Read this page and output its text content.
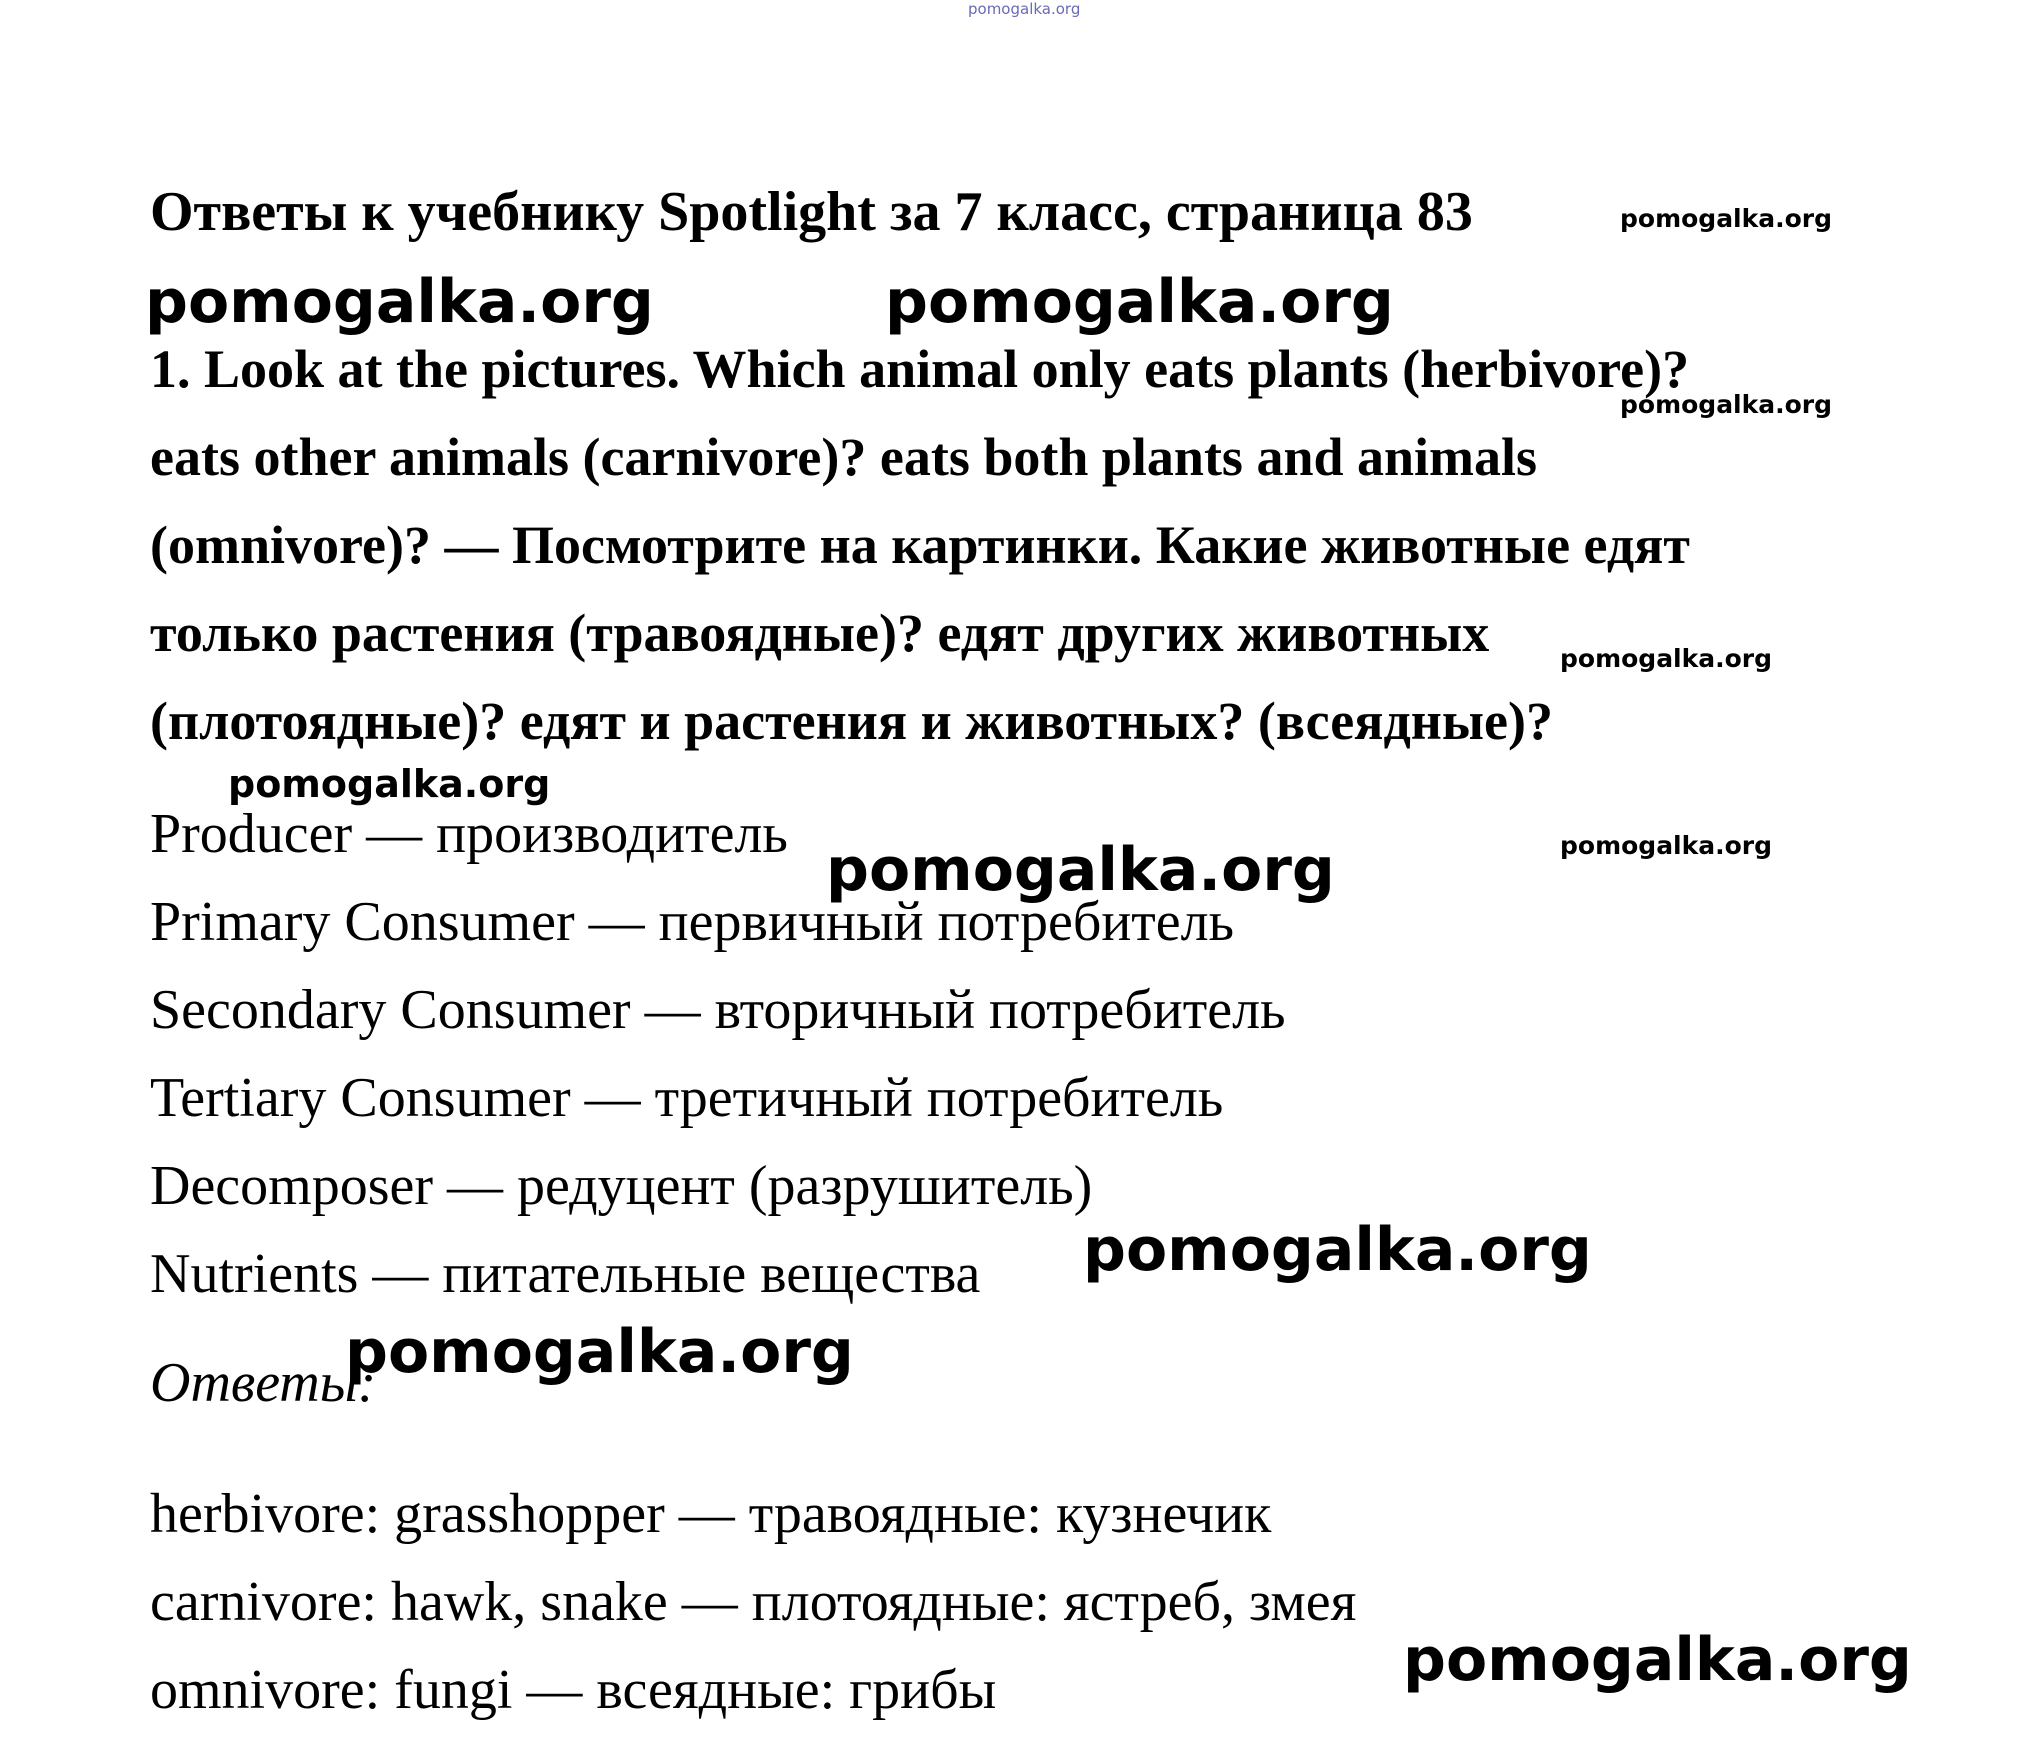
pomogalka.org
Ответы к учебнику Spotlight за 7 класс, страница 83	pomogalka.org
pomogalka.org
pomogalka.org
pomogalka.org
pomogalka.org	pomogalka.org
1. Look at the pictures. Which animal only eats plants (herbivore)?
eats other animals (carnivore)? eats both plants and animals
(omnivore)? — Посмотрите на картинки. Какие животные едят
только растения (травоядные)? едят других животных
(плотоядные)? едят и растения и животных? (всеядные)?
pomogalka.org
Producer — производитель
Primary Consumer — первичный потребитель
Secondary Consumer — вторичный потребитель
Tertiary Consumer — третичный потребитель
Decomposer — редуцент (разрушитель)
Nutrients — питательные вещества
pomogalka.org
pomogalka.org
pomogalka.org
Ответы:
herbivore: grasshopper — травоядные: кузнечик
carnivore: hawk, snake — плотоядные: ястреб, змея
omnivore: fungi — всеядные: грибы	pomogalka.org
